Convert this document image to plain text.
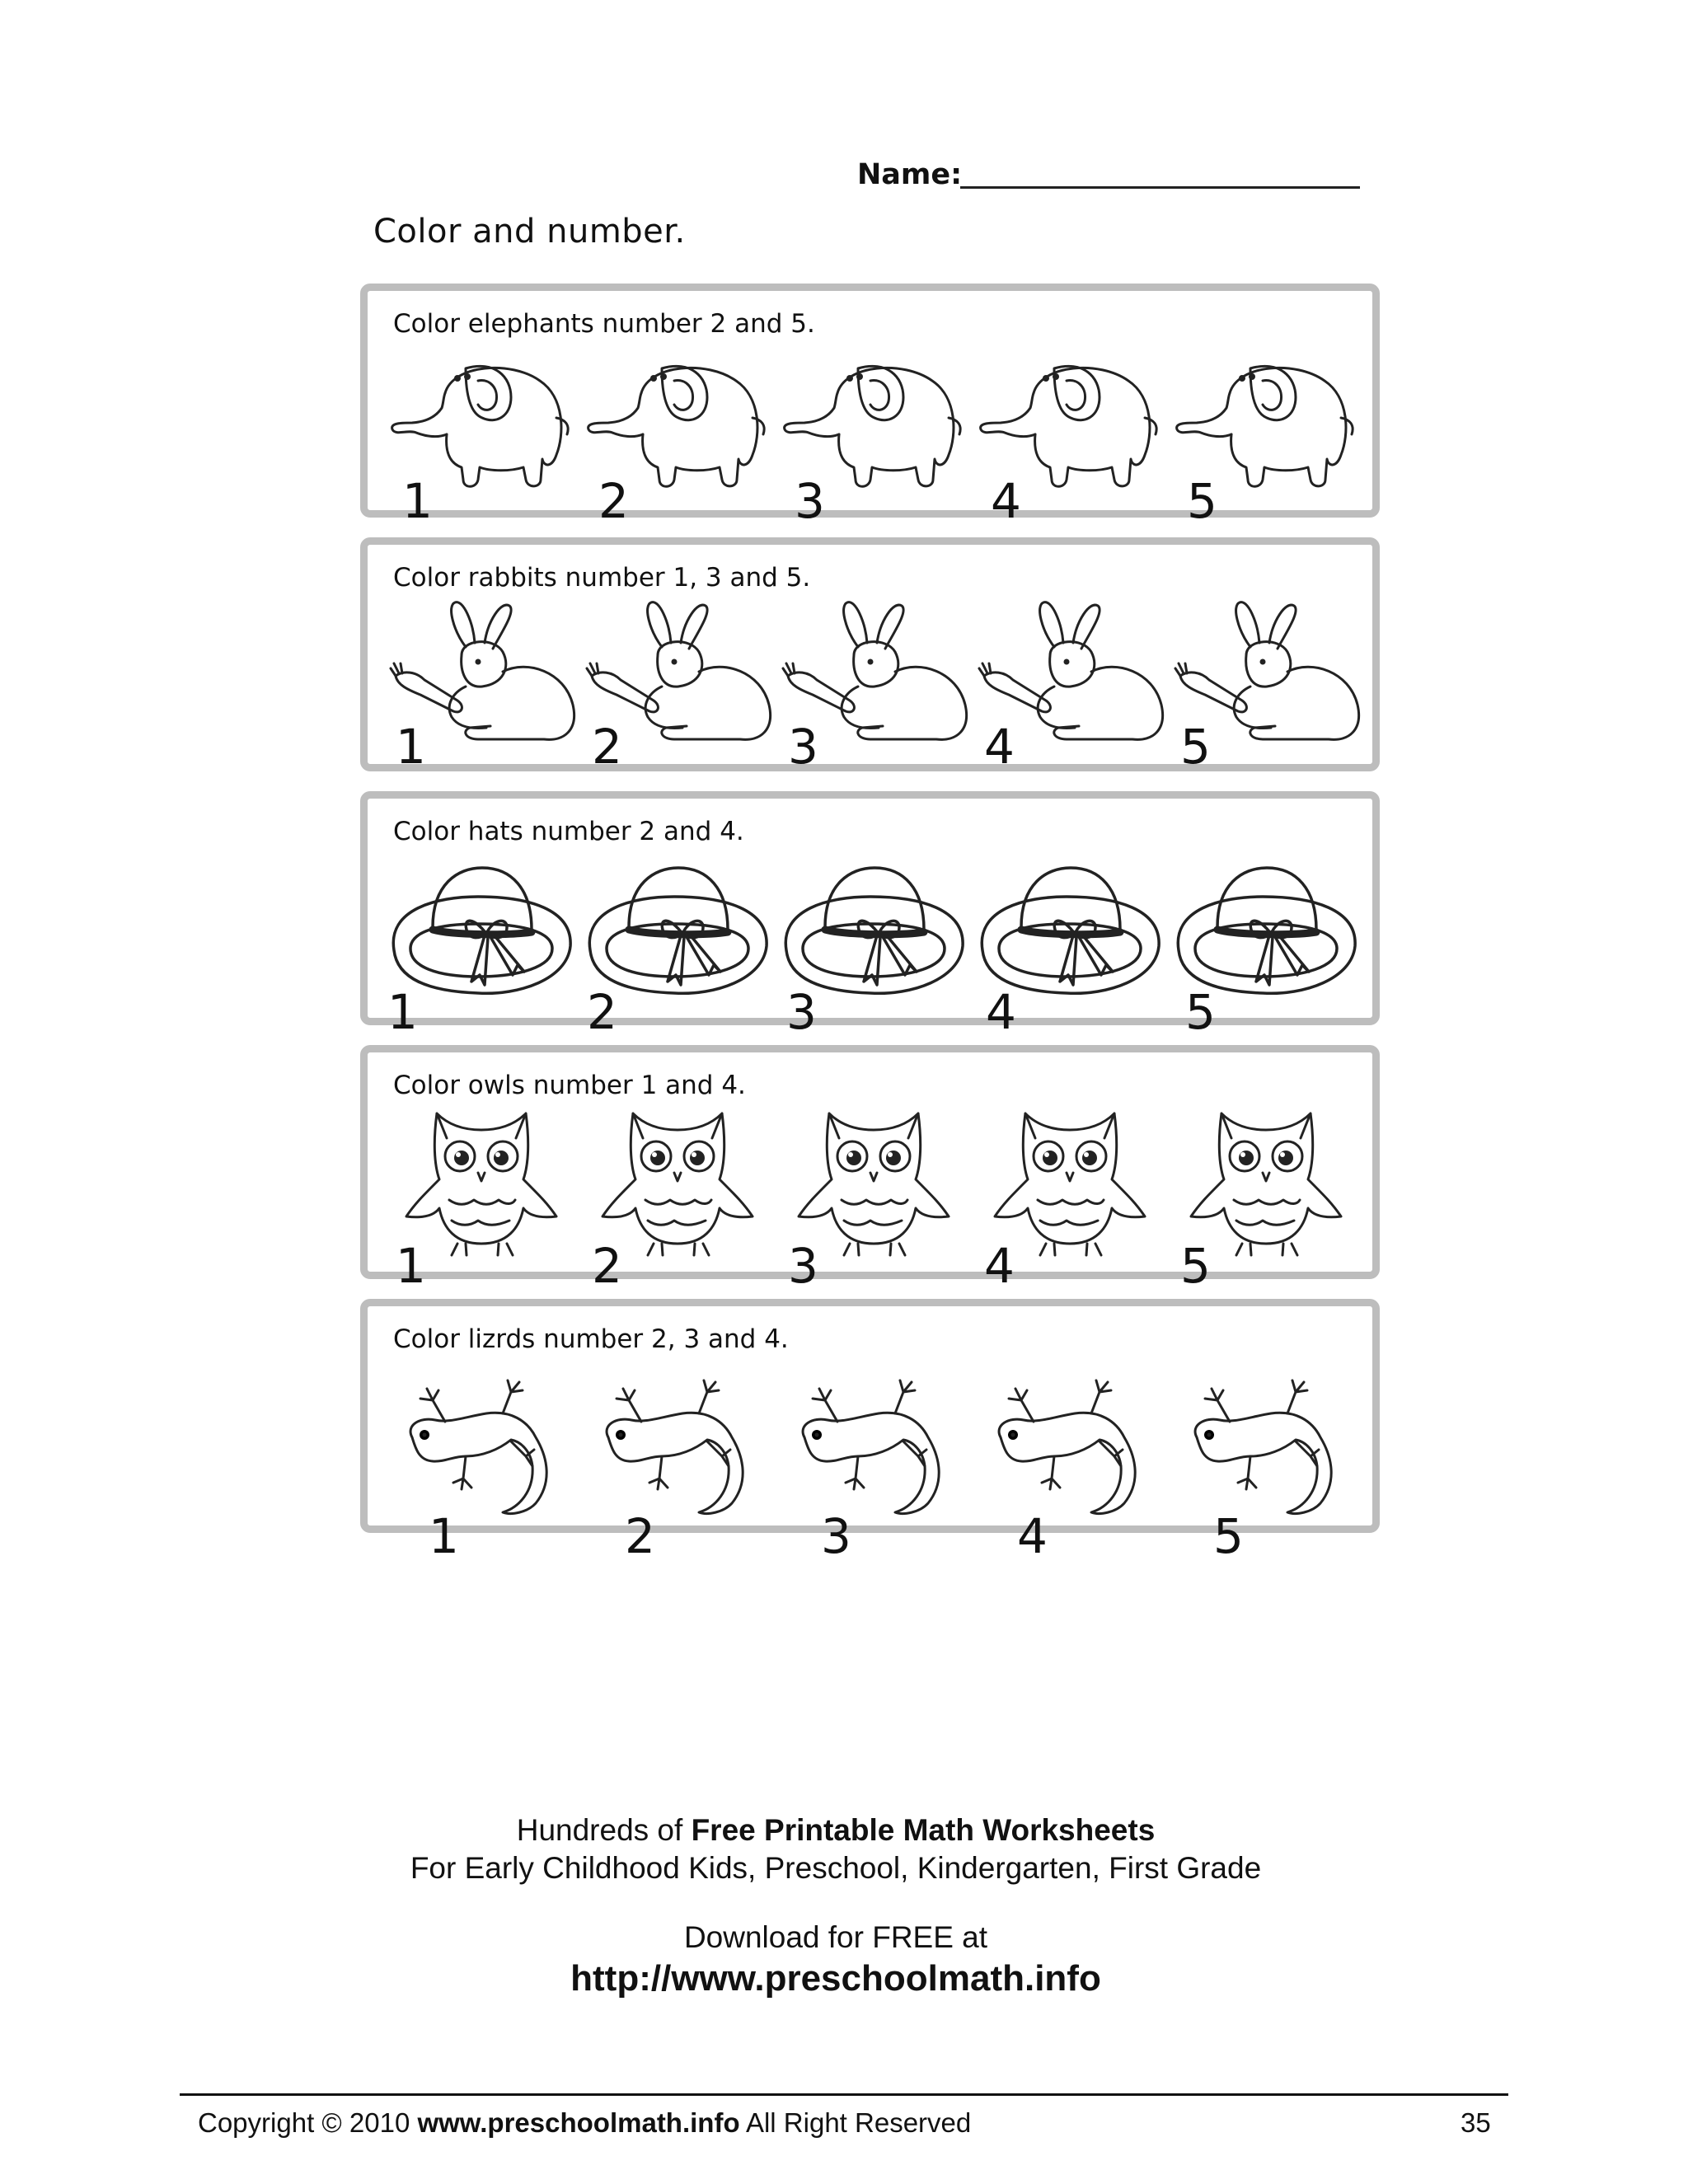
Name:
Color and number.
Color elephants number 2 and 5.
1	2	3	4	5
Color rabbits number 1, 3 and 5.
1	2	3	4	5
Color hats number 2 and 4.
1	2	3	4	5
Color owls number 1 and 4.
1	2	3	4	5
Color lizrds number 2, 3 and 4.
1	2	3	4	5
Hundreds of Free Printable Math Worksheets
For Early Childhood Kids, Preschool, Kindergarten, First Grade
Download for FREE at
http://www.preschoolmath.info
Copyright © 2010 www.preschoolmath.info All Right Reserved	35
